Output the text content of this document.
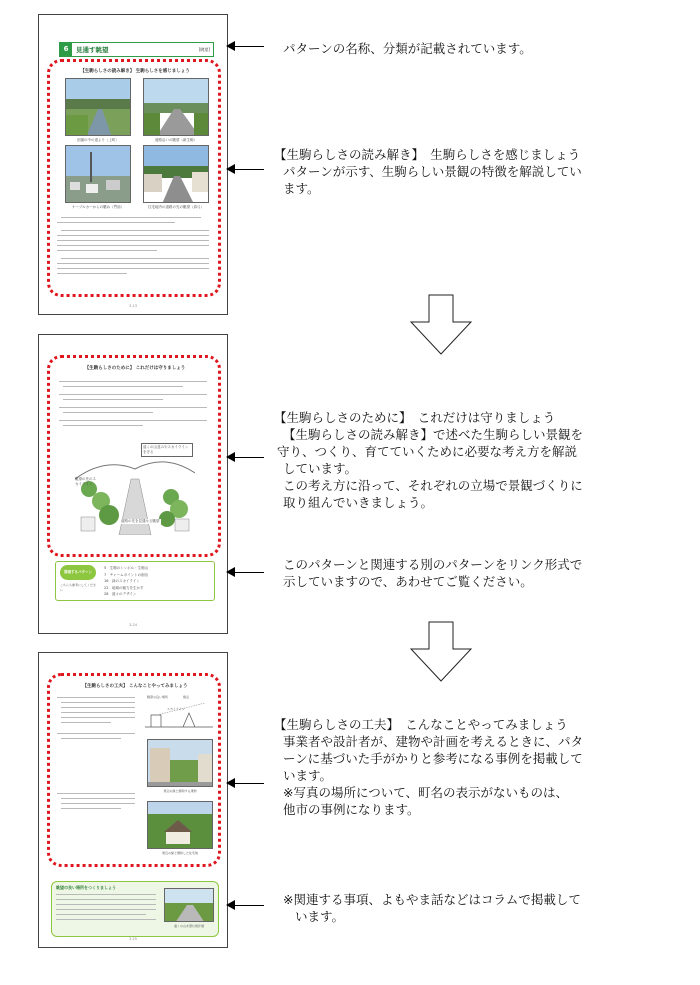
6	見通す眺望	[眺望]
【生駒らしさの読み解き】 生駒らしさを感じましょう
田園の中の道より（上町）	道路沿いの眺望（新生駒）
ケーブルカーからの眺め（門前）	住宅地内の道路の先の眺望（真弓）
3-13
【生駒らしさのために】 これだけは守りましょう
遠くの山並みやスカイラインを守る
眺望の先のスカイライン
道路の先を見通せる眺望
関連するパターン
こちらも参考にしてください
5　生駒のシンボル・生駒山
7　チャームポイントの創出
16　緑のスカイライン
22　地域の魅力を生かす
28　道々のデザイン
3-24
【生駒らしさの工夫】 こんなことやってみましょう
眺望の良い場所	視点
スカイライン
周辺の緑と調和する建物
周辺の緑と調和した住宅地
眺望の良い場所をつくりましょう
遠くの山を望む遊歩道
3-25
パターンの名称、分類が記載されています。
【生駒らしさの読み解き】　生駒らしさを感じましょう
パターンが示す、生駒らしい景観の特徴を解説してい
ます。
【生駒らしさのために】　これだけは守りましょう
【生駒らしさの読み解き】で述べた生駒らしい景観を
守り、つくり、育てていくために必要な考え方を解説
しています。
この考え方に沿って、それぞれの立場で景観づくりに
取り組んでいきましょう。
このパターンと関連する別のパターンをリンク形式で
示していますので、あわせてご覧ください。
【生駒らしさの工夫】　こんなことやってみましょう
事業者や設計者が、建物や計画を考えるときに、パタ
ーンに基づいた手がかりと参考になる事例を掲載して
います。
※写真の場所について、町名の表示がないものは、
他市の事例になります。
※関連する事項、よもやま話などはコラムで掲載して
います。
